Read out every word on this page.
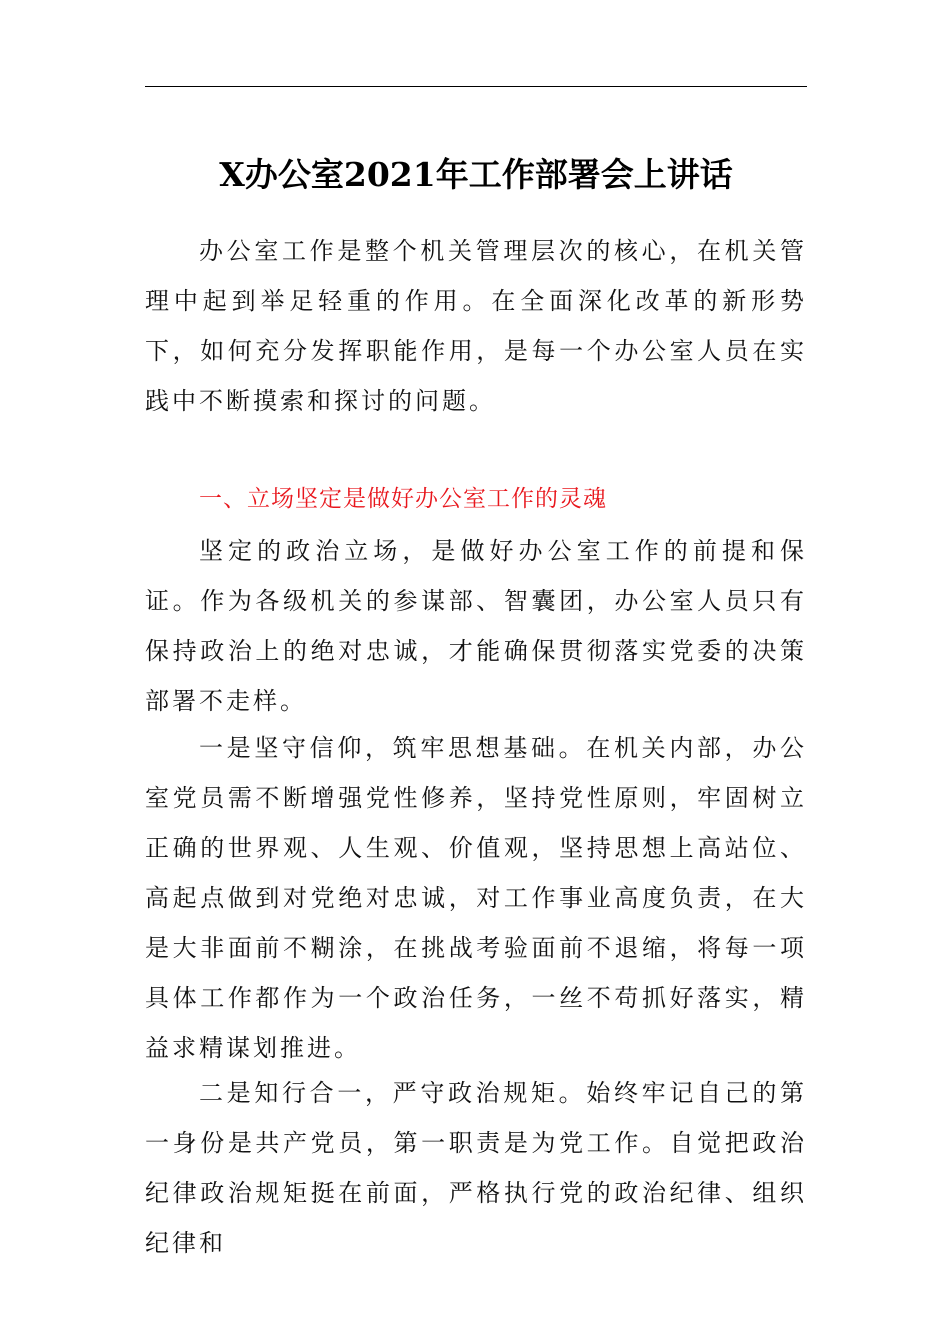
X办公室2021年工作部署会上讲话

办公室工作是整个机关管理层次的核心，在机关管理中起到举足轻重的作用。在全面深化改革的新形势下，如何充分发挥职能作用，是每一个办公室人员在实践中不断摸索和探讨的问题。

一、立场坚定是做好办公室工作的灵魂

坚定的政治立场，是做好办公室工作的前提和保证。作为各级机关的参谋部、智囊团，办公室人员只有保持政治上的绝对忠诚，才能确保贯彻落实党委的决策部署不走样。

一是坚守信仰，筑牢思想基础。在机关内部，办公室党员需不断增强党性修养，坚持党性原则，牢固树立正确的世界观、人生观、价值观，坚持思想上高站位、高起点做到对党绝对忠诚，对工作事业高度负责，在大是大非面前不糊涂，在挑战考验面前不退缩，将每一项具体工作都作为一个政治任务，一丝不苟抓好落实，精益求精谋划推进。

二是知行合一，严守政治规矩。始终牢记自己的第一身份是共产党员，第一职责是为党工作。自觉把政治纪律政治规矩挺在前面，严格执行党的政治纪律、组织纪律和
